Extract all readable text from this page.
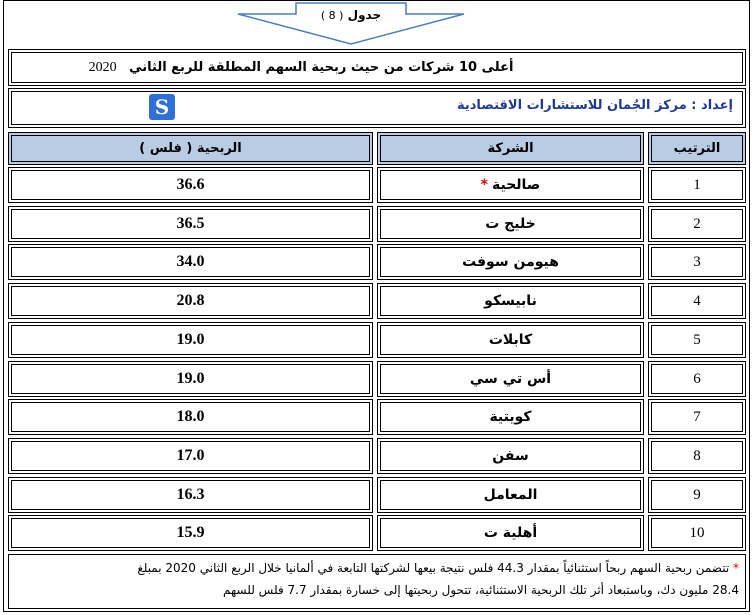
جدول ( 8 )
أعلى 10 شركات من حيث ربحية السهم المطلقة للربع الثاني 2020
S	إعداد : مركز الجُمان للاستشارات الاقتصادية
الترتيب
الشركة
الربحية ( فلس )
1
صالحية*
36.6
2
خليج ت
36.5
3
هيومن سوفت
34.0
4
نابيسكو
20.8
5
كابلات
19.0
6
أس تي سي
19.0
7
كويتية
18.0
8
سفن
17.0
9
المعامل
16.3
10
أهلية ت
15.9
* تتضمن ربحية السهم ربحاً استثنائياً بمقدار 44.3 فلس نتيجة بيعها لشركتها التابعة في ألمانيا خلال الربع الثاني 2020 بمبلغ
28.4 مليون دك، وباستبعاد أثر تلك الربحية الاستثنائية، تتحول ربحيتها إلى خسارة بمقدار 7.7 فلس للسهم
